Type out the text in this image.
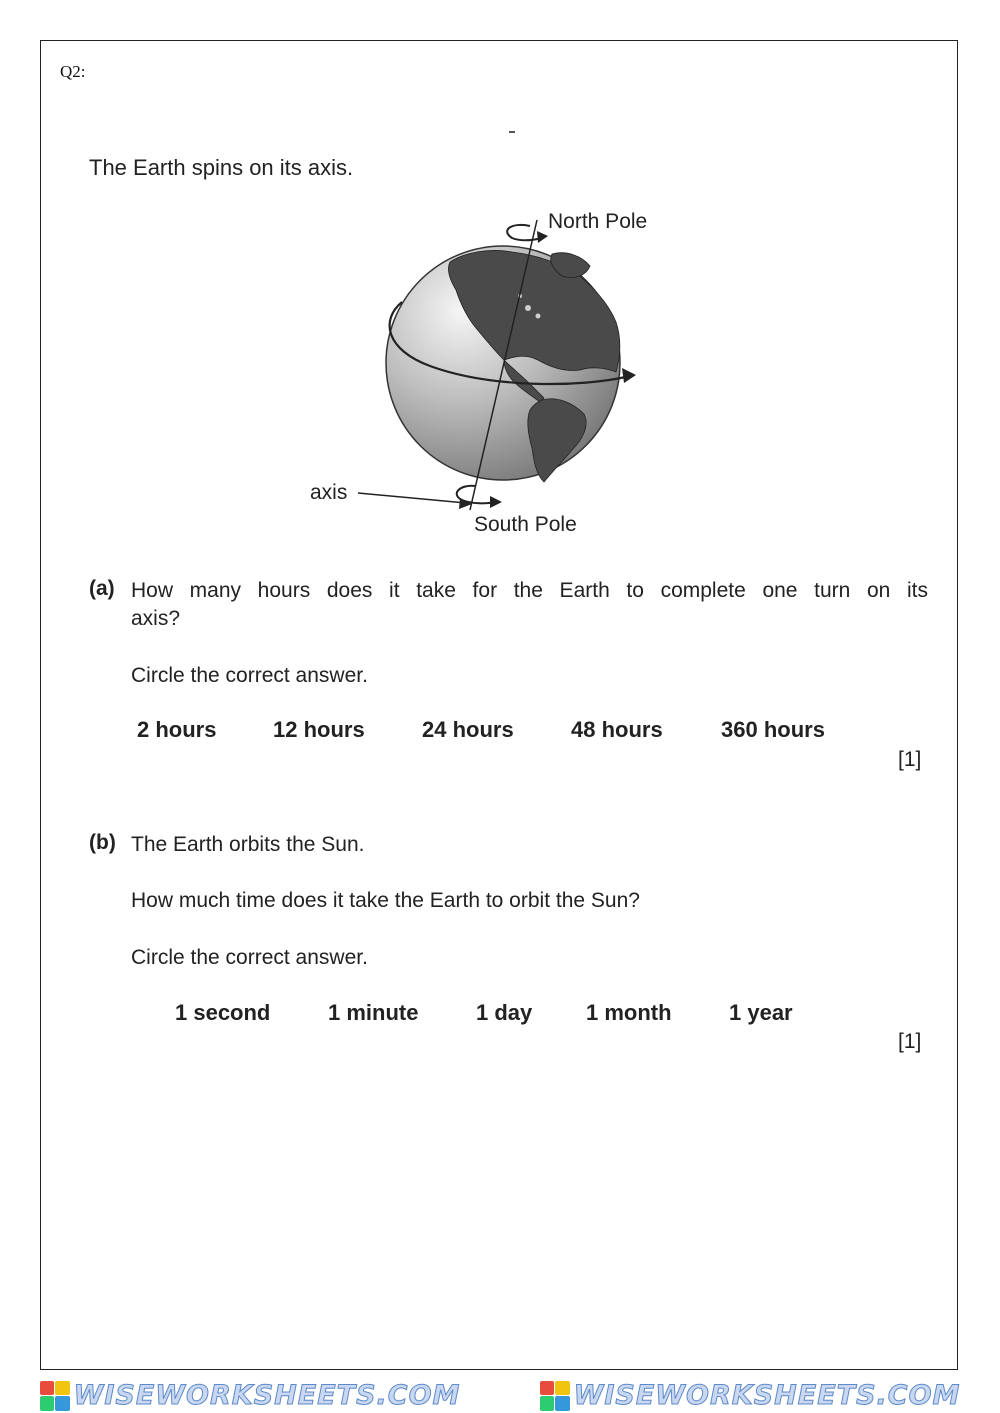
Q2:
The Earth spins on its axis.
North Pole
South Pole
axis
(a) How many hours does it take for the Earth to complete one turn on its
axis?
Circle the correct answer.
2 hours	12 hours	24 hours	48 hours	360 hours
[1]
(b) The Earth orbits the Sun.
How much time does it take the Earth to orbit the Sun?
Circle the correct answer.
1 second	1 minute	1 day 1 month	1 year
[1]
WISEWORKSHEETS.COM	WISEWORKSHEETS.COM
